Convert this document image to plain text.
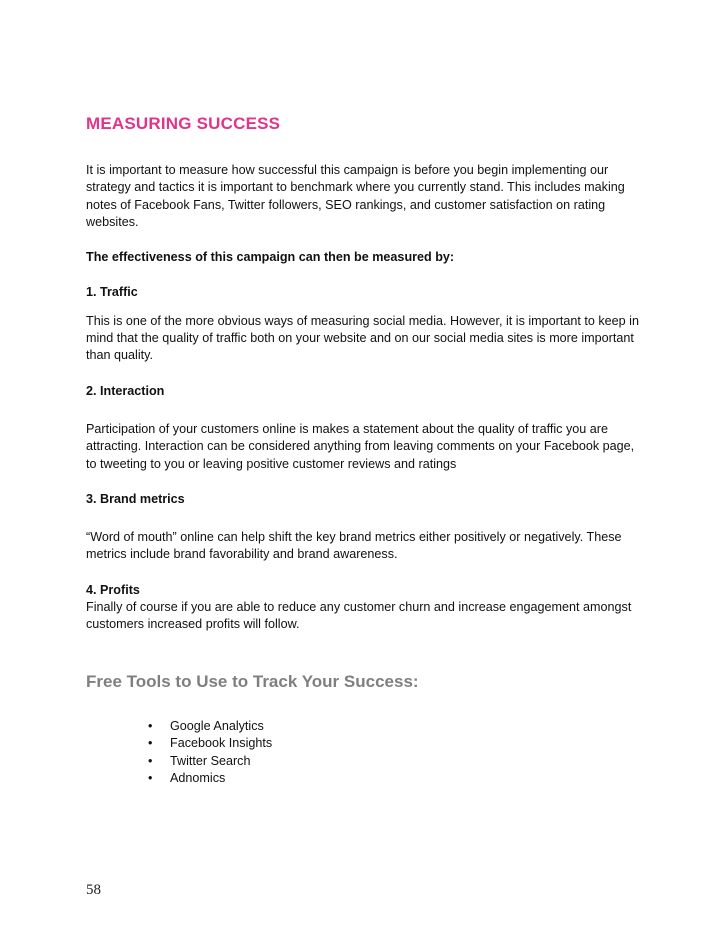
MEASURING SUCCESS

It is important to measure how successful this campaign is before you begin implementing our strategy and tactics it is important to benchmark where you currently stand. This includes making notes of Facebook Fans, Twitter followers, SEO rankings, and customer satisfaction on rating websites.

The effectiveness of this campaign can then be measured by:

1. Traffic

This is one of the more obvious ways of measuring social media. However, it is important to keep in mind that the quality of traffic both on your website and on our social media sites is more important than quality.

2. Interaction

Participation of your customers online is makes a statement about the quality of traffic you are attracting. Interaction can be considered anything from leaving comments on your Facebook page, to tweeting to you or leaving positive customer reviews and ratings

3. Brand metrics

“Word of mouth” online can help shift the key brand metrics either positively or negatively. These metrics include brand favorability and brand awareness.

4. Profits

Finally of course if you are able to reduce any customer churn and increase engagement amongst customers increased profits will follow.

Free Tools to Use to Track Your Success:
• Google Analytics
• Facebook Insights
• Twitter Search
• Adnomics
58
